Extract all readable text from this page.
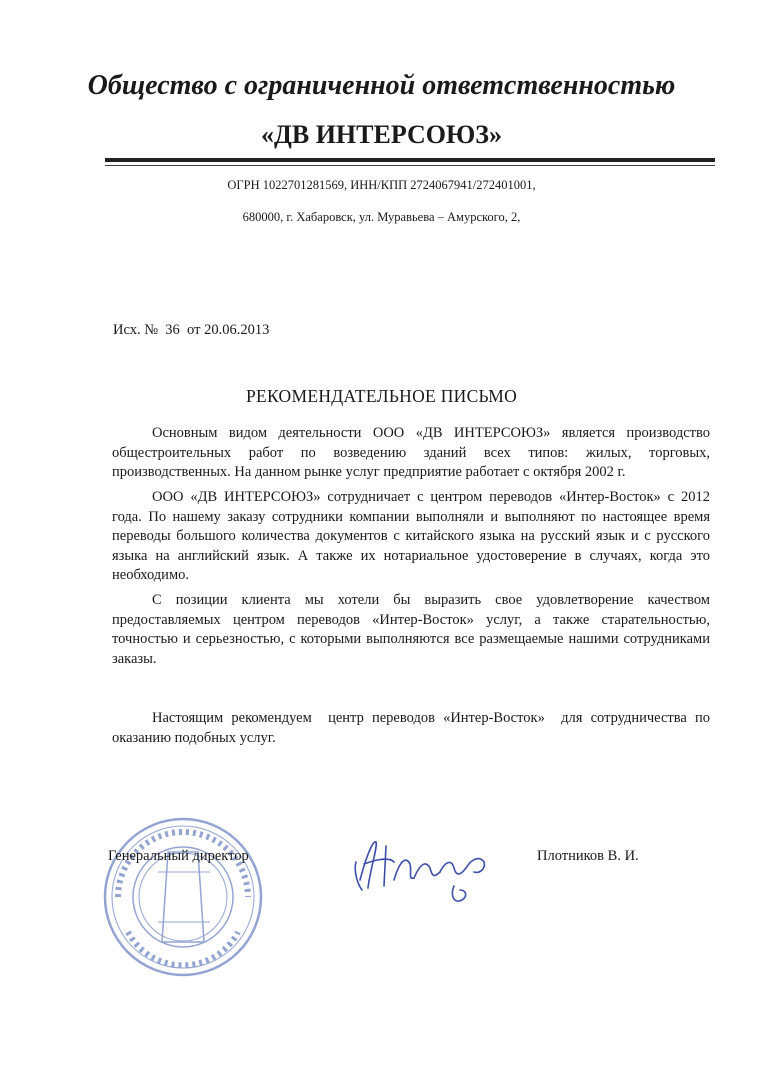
Общество с ограниченной ответственностью
«ДВ ИНТЕРСОЮЗ»
ОГРН 1022701281569, ИНН/КПП 2724067941/272401001,
680000, г. Хабаровск, ул. Муравьева – Амурского, 2,
Исх. №  36  от 20.06.2013
РЕКОМЕНДАТЕЛЬНОЕ ПИСЬМО

Основным видом деятельности ООО «ДВ ИНТЕРСОЮЗ» является производство общестроительных работ по возведению зданий всех типов: жилых, торговых, производственных. На данном рынке услуг предприятие работает с октября 2002 г.

ООО «ДВ ИНТЕРСОЮЗ» сотрудничает с центром переводов «Интер-Восток» с 2012 года. По нашему заказу сотрудники компании выполняли и выполняют по настоящее время переводы большого количества документов с китайского языка на русский язык и с русского языка на английский язык. А также их нотариальное удостоверение в случаях, когда это необходимо.

С позиции клиента мы хотели бы выразить свое удовлетворение качеством предоставляемых центром переводов «Интер-Восток» услуг, а также старательностью, точностью и серьезностью, с которыми выполняются все размещаемые нашими сотрудниками заказы.

Настоящим рекомендуем  центр переводов «Интер-Восток»  для сотрудничества по оказанию подобных услуг.

Генеральный директор	Плотников В. И.
